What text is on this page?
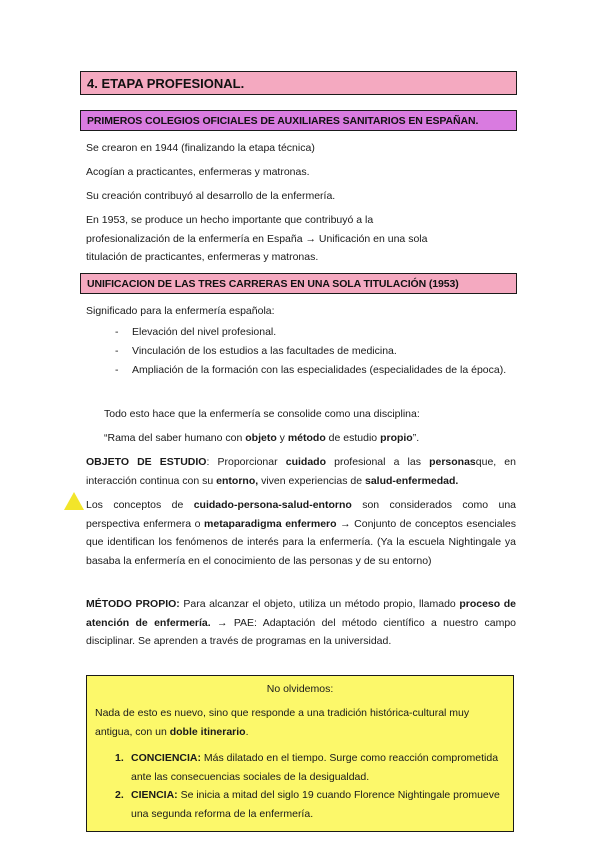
4. ETAPA PROFESIONAL.
PRIMEROS COLEGIOS OFICIALES DE AUXILIARES SANITARIOS EN ESPAÑAN.

Se crearon en 1944 (finalizando la etapa técnica)

Acogían a practicantes, enfermeras y matronas.

Su creación contribuyó al desarrollo de la enfermería.

En 1953, se produce un hecho importante que contribuyó a la
profesionalización de la enfermería en España → Unificación en una sola
titulación de practicantes, enfermeras y matronas.

UNIFICACION DE LAS TRES CARRERAS EN UNA SOLA TITULACIÓN (1953)

Significado para la enfermería española:

- Elevación del nivel profesional.
- Vinculación de los estudios a las facultades de medicina.
- Ampliación de la formación con las especialidades (especialidades de la época).

Todo esto hace que la enfermería se consolide como una disciplina:

“Rama del saber humano con objeto y método de estudio propio”.

OBJETO DE ESTUDIO: Proporcionar cuidado profesional a las personasque, en interacción continua con su entorno, viven experiencias de salud-enfermedad.

Los conceptos de cuidado-persona-salud-entorno son considerados como una perspectiva enfermera o metaparadigma enfermero → Conjunto de conceptos esenciales que identifican los fenómenos de interés para la enfermería. (Ya la escuela Nightingale ya basaba la enfermería en el conocimiento de las personas y de su entorno)

MÉTODO PROPIO: Para alcanzar el objeto, utiliza un método propio, llamado proceso de atención de enfermería. → PAE: Adaptación del método científico a nuestro campo disciplinar. Se aprenden a través de programas en la universidad.

No olvidemos:
Nada de esto es nuevo, sino que responde a una tradición histórica-cultural muy antigua, con un doble itinerario.
1. CONCIENCIA: Más dilatado en el tiempo. Surge como reacción comprometida ante las consecuencias sociales de la desigualdad.
2. CIENCIA: Se inicia a mitad del siglo 19 cuando Florence Nightingale promueve una segunda reforma de la enfermería.
